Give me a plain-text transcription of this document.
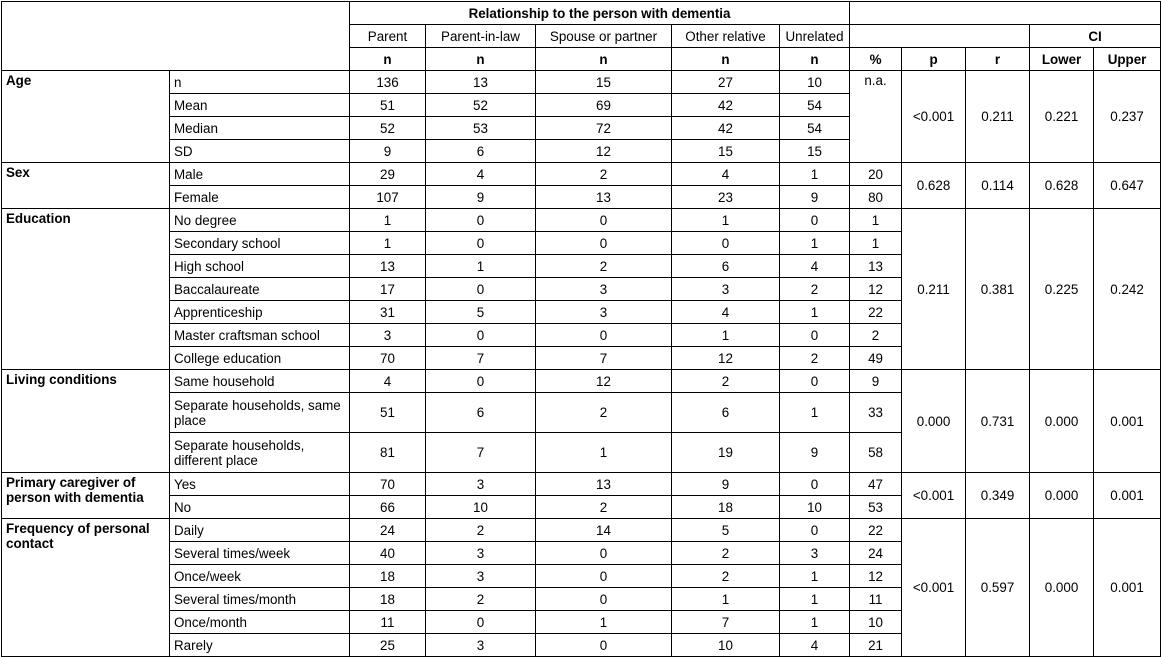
		Relationship to the person with dementia									
		Parent	Parent-in-law	Spouse or partner	Other relative	Unrelated				CI	
		n	n	n	n	n	%	p	r	Lower	Upper
Age	n	136	13	15	27	10	n.a.	<0.001	0.211	0.221	0.237
	Mean	51	52	69	42	54					
	Median	52	53	72	42	54					
	SD	9	6	12	15	15					
Sex	Male	29	4	2	4	1	20	0.628	0.114	0.628	0.647
	Female	107	9	13	23	9	80				
Education	No degree	1	0	0	1	0	1	0.211	0.381	0.225	0.242
	Secondary school	1	0	0	0	1	1				
	High school	13	1	2	6	4	13				
	Baccalaureate	17	0	3	3	2	12				
	Apprenticeship	31	5	3	4	1	22				
	Master craftsman school	3	0	0	1	0	2				
	College education	70	7	7	12	2	49				
Living conditions	Same household	4	0	12	2	0	9	0.000	0.731	0.000	0.001
	Separate households, same place	51	6	2	6	1	33				
	Separate households, different place	81	7	1	19	9	58				
Primary caregiver of person with dementia	Yes	70	3	13	9	0	47	<0.001	0.349	0.000	0.001
	No	66	10	2	18	10	53				
Frequency of personal contact	Daily	24	2	14	5	0	22	<0.001	0.597	0.000	0.001
	Several times/week	40	3	0	2	3	24				
	Once/week	18	3	0	2	1	12				
	Several times/month	18	2	0	1	1	11				
	Once/month	11	0	1	7	1	10				
	Rarely	25	3	0	10	4	21				
